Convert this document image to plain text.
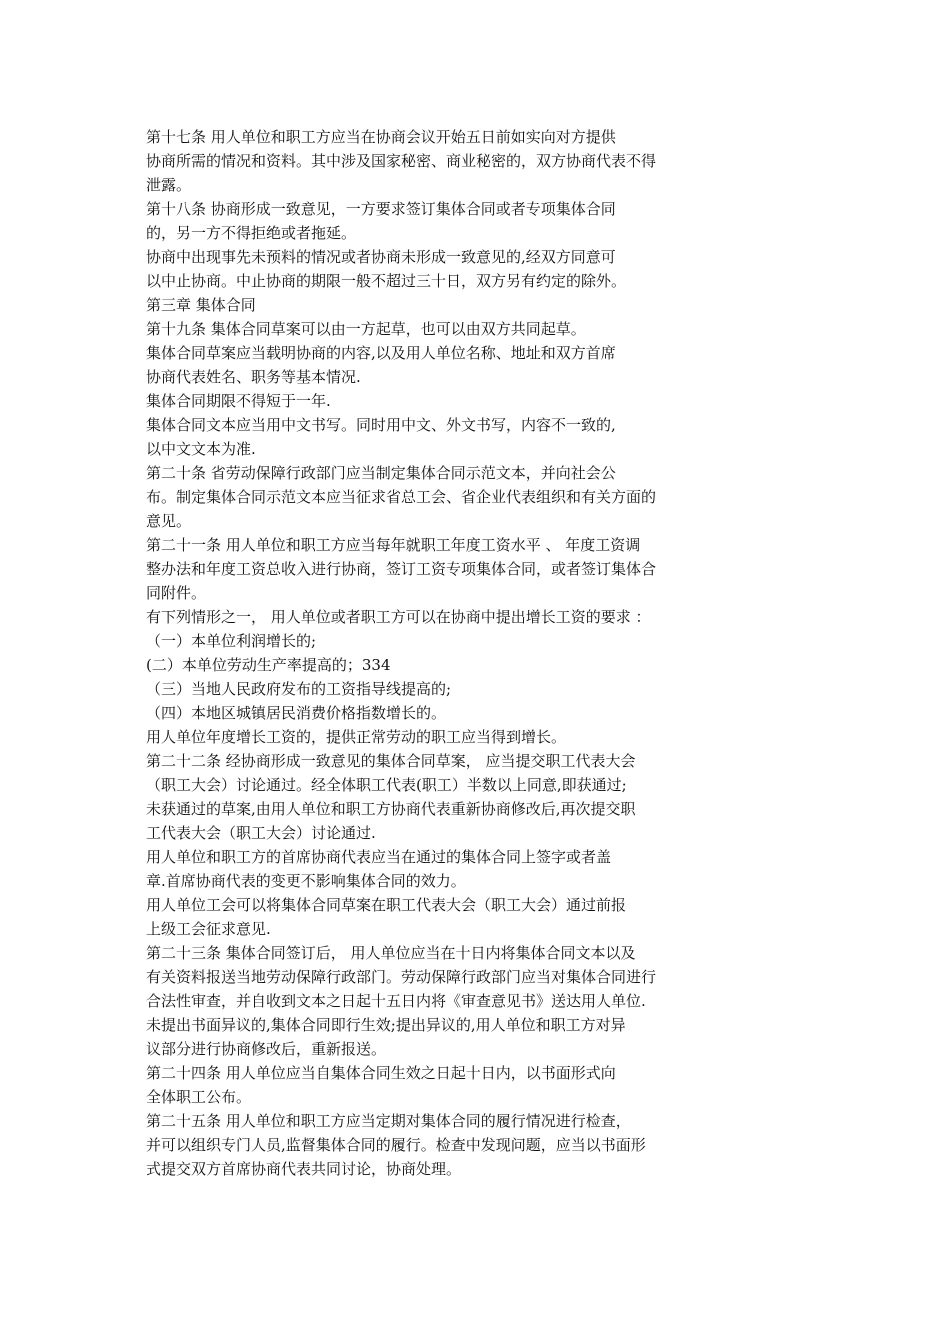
第十七条 用人单位和职工方应当在协商会议开始五日前如实向对方提供
协商所需的情况和资料。其中涉及国家秘密、商业秘密的，双方协商代表不得
泄露。
第十八条 协商形成一致意见，一方要求签订集体合同或者专项集体合同
的，另一方不得拒绝或者拖延。
协商中出现事先未预料的情况或者协商未形成一致意见的,经双方同意可
以中止协商。中止协商的期限一般不超过三十日，双方另有约定的除外。
第三章 集体合同
第十九条 集体合同草案可以由一方起草，也可以由双方共同起草。
集体合同草案应当载明协商的内容,以及用人单位名称、地址和双方首席
协商代表姓名、职务等基本情况.
集体合同期限不得短于一年.
集体合同文本应当用中文书写。同时用中文、外文书写，内容不一致的,
以中文文本为准.
第二十条 省劳动保障行政部门应当制定集体合同示范文本，并向社会公
布。制定集体合同示范文本应当征求省总工会、省企业代表组织和有关方面的
意见。
第二十一条 用人单位和职工方应当每年就职工年度工资水平 、 年度工资调
整办法和年度工资总收入进行协商，签订工资专项集体合同，或者签订集体合
同附件。
有下列情形之一， 用人单位或者职工方可以在协商中提出增长工资的要求 ：
（一）本单位利润增长的;
(二）本单位劳动生产率提高的；334
（三）当地人民政府发布的工资指导线提高的;
（四）本地区城镇居民消费价格指数增长的。
用人单位年度增长工资的，提供正常劳动的职工应当得到增长。
第二十二条 经协商形成一致意见的集体合同草案， 应当提交职工代表大会
（职工大会）讨论通过。经全体职工代表(职工）半数以上同意,即获通过;
未获通过的草案,由用人单位和职工方协商代表重新协商修改后,再次提交职
工代表大会（职工大会）讨论通过.
用人单位和职工方的首席协商代表应当在通过的集体合同上签字或者盖
章.首席协商代表的变更不影响集体合同的效力。
用人单位工会可以将集体合同草案在职工代表大会（职工大会）通过前报
上级工会征求意见.
第二十三条 集体合同签订后， 用人单位应当在十日内将集体合同文本以及
有关资料报送当地劳动保障行政部门。劳动保障行政部门应当对集体合同进行
合法性审查，并自收到文本之日起十五日内将《审查意见书》送达用人单位.
未提出书面异议的,集体合同即行生效;提出异议的,用人单位和职工方对异
议部分进行协商修改后，重新报送。
第二十四条 用人单位应当自集体合同生效之日起十日内，以书面形式向
全体职工公布。
第二十五条 用人单位和职工方应当定期对集体合同的履行情况进行检查，
并可以组织专门人员,监督集体合同的履行。检查中发现问题，应当以书面形
式提交双方首席协商代表共同讨论，协商处理。
